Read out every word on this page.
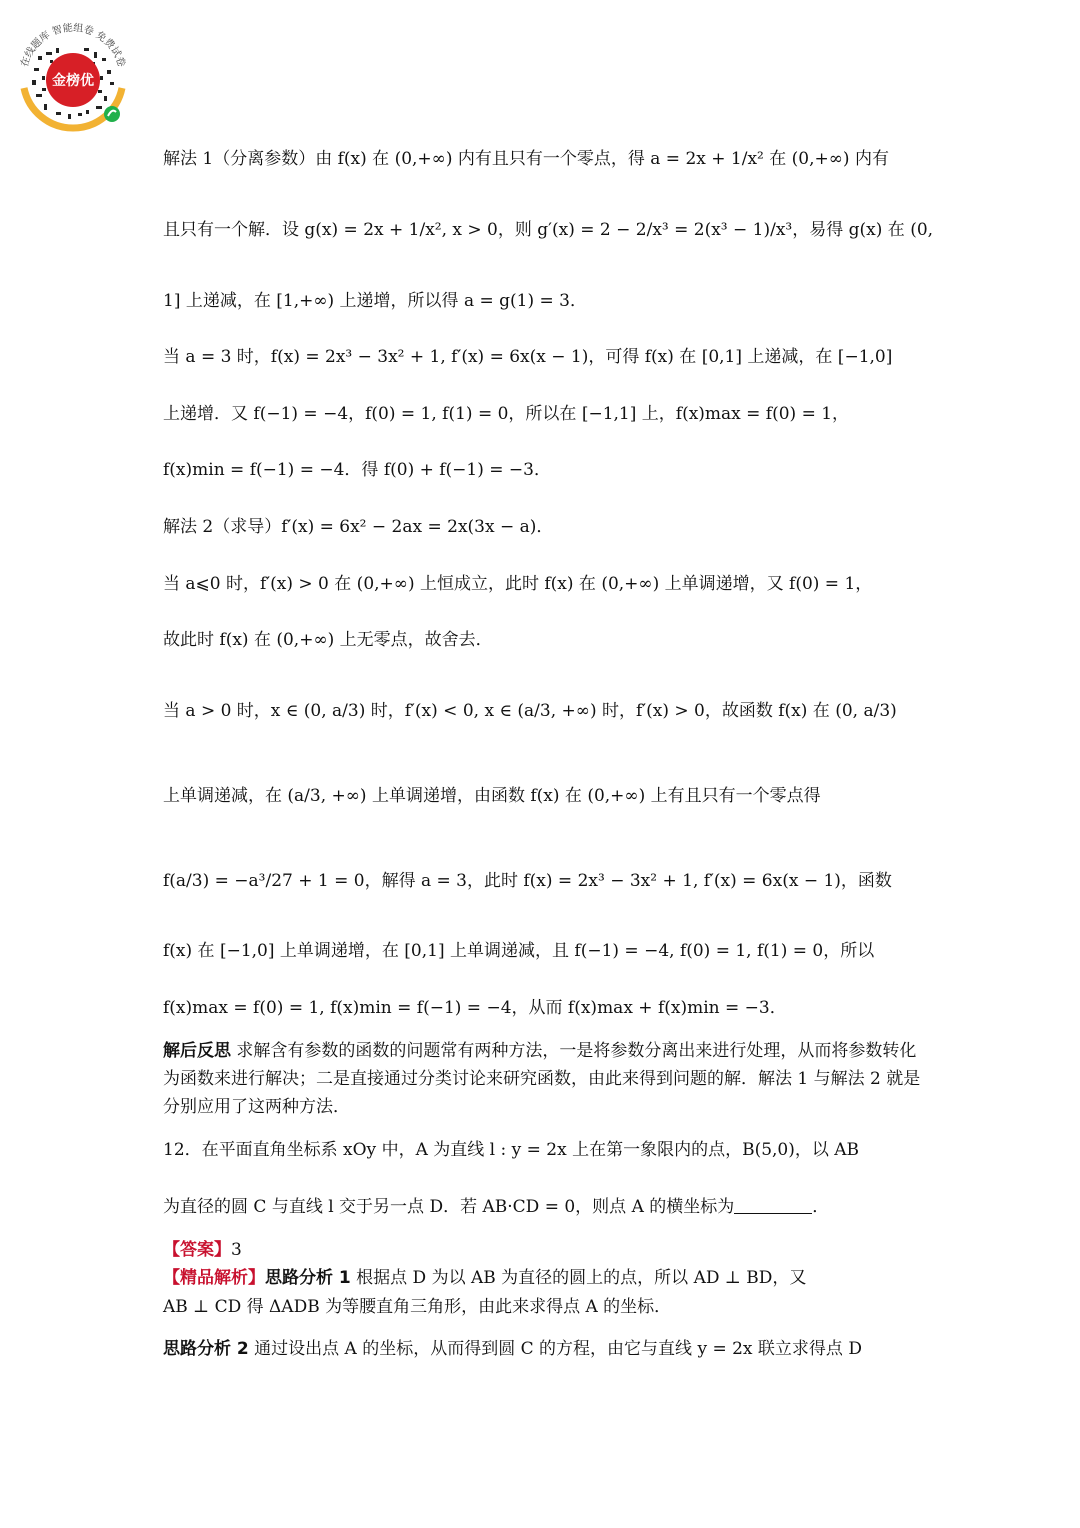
在线题库 智能组卷 免费试卷
金榜优
解法 1（分离参数）由 f(x) 在 (0,+∞) 内有且只有一个零点，得 a = 2x + 1/x² 在 (0,+∞) 内有
且只有一个解．设 g(x) = 2x + 1/x², x > 0，则 g′(x) = 2 − 2/x³ = 2(x³ − 1)/x³，易得 g(x) 在 (0,
1] 上递减，在 [1,+∞) 上递增，所以得 a = g(1) = 3．
当 a = 3 时，f(x) = 2x³ − 3x² + 1, f′(x) = 6x(x − 1)，可得 f(x) 在 [0,1] 上递减，在 [−1,0]
上递增．又 f(−1) = −4，f(0) = 1, f(1) = 0，所以在 [−1,1] 上，f(x)max = f(0) = 1，
f(x)min = f(−1) = −4．得 f(0) + f(−1) = −3．
解法 2（求导）f′(x) = 6x² − 2ax = 2x(3x − a)．
当 a⩽0 时，f′(x) > 0 在 (0,+∞) 上恒成立，此时 f(x) 在 (0,+∞) 上单调递增，又 f(0) = 1，
故此时 f(x) 在 (0,+∞) 上无零点，故舍去．
当 a > 0 时，x ∈ (0, a/3) 时，f′(x) < 0, x ∈ (a/3, +∞) 时，f′(x) > 0，故函数 f(x) 在 (0, a/3)
上单调递减，在 (a/3, +∞) 上单调递增，由函数 f(x) 在 (0,+∞) 上有且只有一个零点得
f(a/3) = −a³/27 + 1 = 0，解得 a = 3，此时 f(x) = 2x³ − 3x² + 1, f′(x) = 6x(x − 1)，函数
f(x) 在 [−1,0] 上单调递增，在 [0,1] 上单调递减，且 f(−1) = −4, f(0) = 1, f(1) = 0，所以
f(x)max = f(0) = 1, f(x)min = f(−1) = −4，从而 f(x)max + f(x)min = −3．
解后反思 求解含有参数的函数的问题常有两种方法，一是将参数分离出来进行处理，从而将参数转化为函数来进行解决；二是直接通过分类讨论来研究函数，由此来得到问题的解．解法 1 与解法 2 就是分别应用了这两种方法．
12．在平面直角坐标系 xOy 中，A 为直线 l : y = 2x 上在第一象限内的点，B(5,0)，以 AB
为直径的圆 C 与直线 l 交于另一点 D．若 AB·CD = 0，则点 A 的横坐标为	．
【答案】3
【精品解析】思路分析 1 根据点 D 为以 AB 为直径的圆上的点，所以 AD ⊥ BD，又
AB ⊥ CD 得 ΔADB 为等腰直角三角形，由此来求得点 A 的坐标．
思路分析 2 通过设出点 A 的坐标，从而得到圆 C 的方程，由它与直线 y = 2x 联立求得点 D
